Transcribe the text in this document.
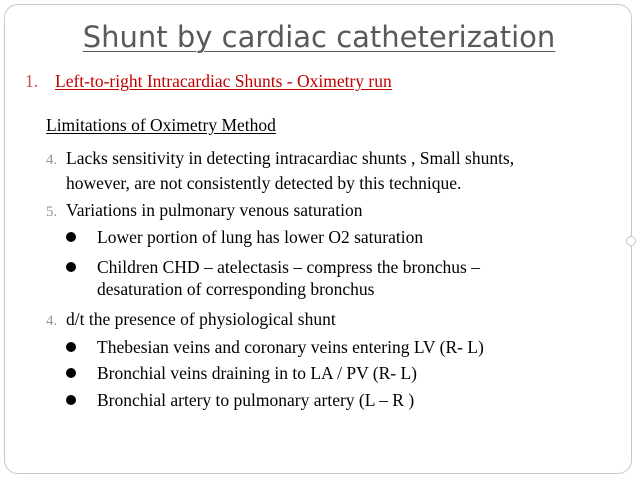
Shunt by cardiac catheterization
1. Left-to-right Intracardiac Shunts - Oximetry run
Limitations of Oximetry Method
4. Lacks sensitivity in detecting intracardiac shunts , Small shunts,
however, are not consistently detected by this technique.
5. Variations in pulmonary venous saturation
Lower portion of lung has lower O2 saturation
Children CHD – atelectasis – compress the bronchus –
desaturation of corresponding bronchus
4. d/t the presence of physiological shunt
Thebesian veins and coronary veins entering LV (R- L)
Bronchial veins draining in to LA / PV (R- L)
Bronchial artery to pulmonary artery (L – R )
